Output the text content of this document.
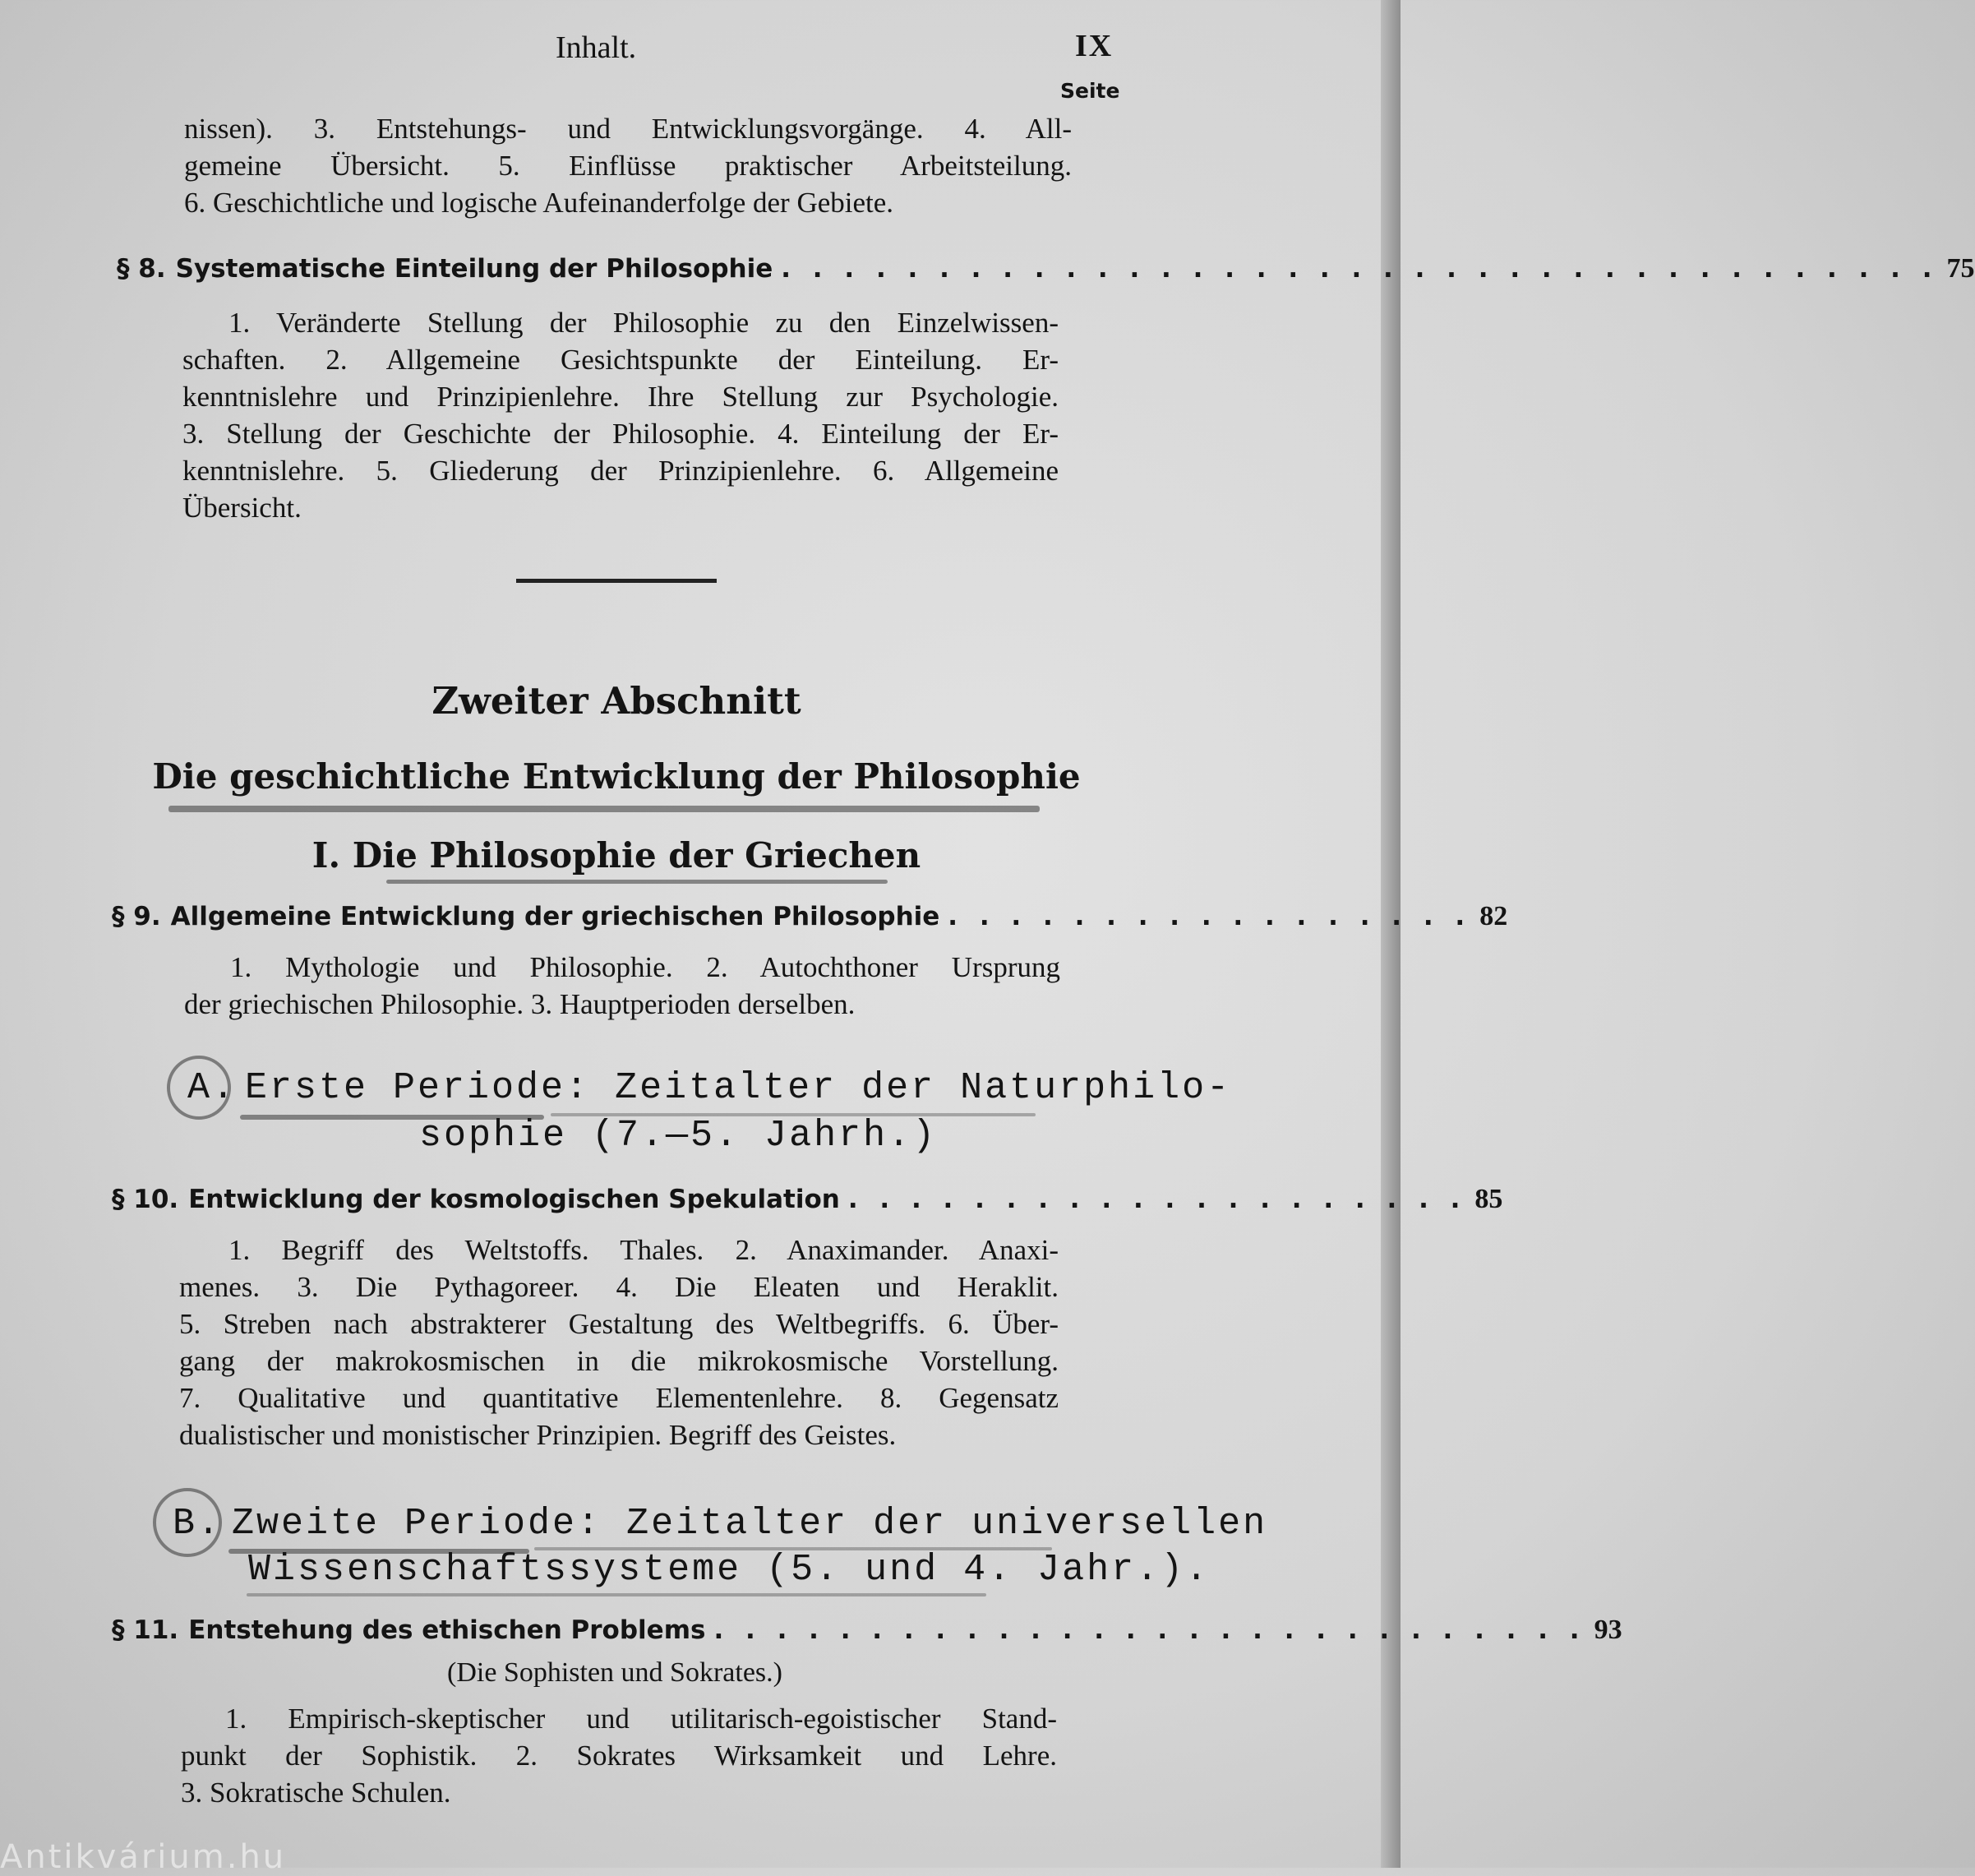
Inhalt.	IX
Seite
nissen). 3. Entstehungs- und Entwicklungsvorgänge. 4. All-
gemeine Übersicht. 5. Einflüsse praktischer Arbeitsteilung.
6. Geschichtliche und logische Aufeinanderfolge der Gebiete.
§ 8. Systematische Einteilung der Philosophie . . . . . . . . . . . . . . . . . . . . . . . . . . . . . . . . . . . . . 75
1. Veränderte Stellung der Philosophie zu den Einzelwissen-
schaften. 2. Allgemeine Gesichtspunkte der Einteilung. Er-
kenntnislehre und Prinzipienlehre. Ihre Stellung zur Psychologie.
3. Stellung der Geschichte der Philosophie. 4. Einteilung der Er-
kenntnislehre. 5. Gliederung der Prinzipienlehre. 6. Allgemeine
Übersicht.
Zweiter Abschnitt
Die geschichtliche Entwicklung der Philosophie
I. Die Philosophie der Griechen
§ 9. Allgemeine Entwicklung der griechischen Philosophie . . . . . . . . . . . . . . . . . 82
1. Mythologie und Philosophie. 2. Autochthoner Ursprung
der griechischen Philosophie. 3. Hauptperioden derselben.
A. Erste Periode: Zeitalter der Naturphilo-
sophie (7.—5. Jahrh.)
§ 10. Entwicklung der kosmologischen Spekulation . . . . . . . . . . . . . . . . . . . . 85
1. Begriff des Weltstoffs. Thales. 2. Anaximander. Anaxi-
menes. 3. Die Pythagoreer. 4. Die Eleaten und Heraklit.
5. Streben nach abstrakterer Gestaltung des Weltbegriffs. 6. Über-
gang der makrokosmischen in die mikrokosmische Vorstellung.
7. Qualitative und quantitative Elementenlehre. 8. Gegensatz
dualistischer und monistischer Prinzipien. Begriff des Geistes.
B. Zweite Periode: Zeitalter der universellen
Wissenschaftssysteme (5. und 4. Jahr.).
§ 11. Entstehung des ethischen Problems . . . . . . . . . . . . . . . . . . . . . . . . . . . . 93
(Die Sophisten und Sokrates.)
1. Empirisch-skeptischer und utilitarisch-egoistischer Stand-
punkt der Sophistik. 2. Sokrates Wirksamkeit und Lehre.
3. Sokratische Schulen.
Antikvárium.hu
